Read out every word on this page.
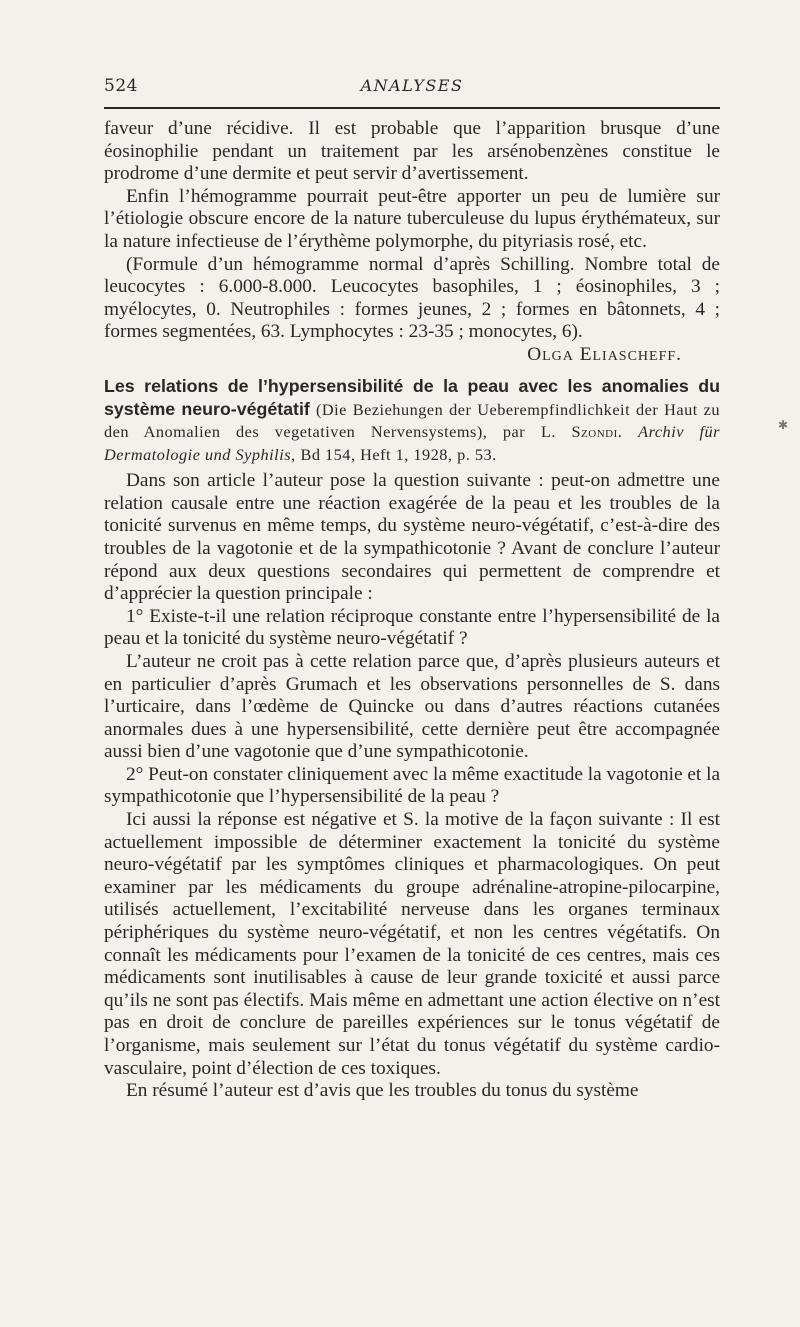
524	ANALYSES

faveur d’une récidive. Il est probable que l’apparition brusque d’une éosinophilie pendant un traitement par les arsénobenzènes constitue le prodrome d’une dermite et peut servir d’avertissement.

Enfin l’hémogramme pourrait peut-être apporter un peu de lumière sur l’étiologie obscure encore de la nature tuberculeuse du lupus érythémateux, sur la nature infectieuse de l’érythème polymorphe, du pityriasis rosé, etc.

(Formule d’un hémogramme normal d’après Schilling. Nombre total de leucocytes : 6.000-8.000. Leucocytes basophiles, 1 ; éosinophiles, 3 ; myélocytes, 0. Neutrophiles : formes jeunes, 2 ; formes en bâtonnets, 4 ; formes segmentées, 63. Lymphocytes : 23-35 ; monocytes, 6).

Olga Eliascheff.

Les relations de l’hypersensibilité de la peau avec les anomalies du système neuro-végétatif (Die Beziehungen der Ueberempfindlichkeit der Haut zu den Anomalien des vegetativen Nervensystems), par L. Szondi. Archiv für Dermatologie und Syphilis, Bd 154, Heft 1, 1928, p. 53.

Dans son article l’auteur pose la question suivante : peut-on admettre une relation causale entre une réaction exagérée de la peau et les troubles de la tonicité survenus en même temps, du système neuro-végétatif, c’est-à-dire des troubles de la vagotonie et de la sympathicotonie ? Avant de conclure l’auteur répond aux deux questions secondaires qui permettent de comprendre et d’apprécier la question principale :

1° Existe-t-il une relation réciproque constante entre l’hypersensibilité de la peau et la tonicité du système neuro-végétatif ?

L’auteur ne croit pas à cette relation parce que, d’après plusieurs auteurs et en particulier d’après Grumach et les observations personnelles de S. dans l’urticaire, dans l’œdème de Quincke ou dans d’autres réactions cutanées anormales dues à une hypersensibilité, cette dernière peut être accompagnée aussi bien d’une vagotonie que d’une sympathicotonie.

2° Peut-on constater cliniquement avec la même exactitude la vagotonie et la sympathicotonie que l’hypersensibilité de la peau ?

Ici aussi la réponse est négative et S. la motive de la façon suivante : Il est actuellement impossible de déterminer exactement la tonicité du système neuro-végétatif par les symptômes cliniques et pharmacologiques. On peut examiner par les médicaments du groupe adrénaline-atropine-pilocarpine, utilisés actuellement, l’excitabilité nerveuse dans les organes terminaux périphériques du système neuro-végétatif, et non les centres végétatifs. On connaît les médicaments pour l’examen de la tonicité de ces centres, mais ces médicaments sont inutilisables à cause de leur grande toxicité et aussi parce qu’ils ne sont pas électifs. Mais même en admettant une action élective on n’est pas en droit de conclure de pareilles expériences sur le tonus végétatif de l’organisme, mais seulement sur l’état du tonus végétatif du système cardio-vasculaire, point d’élection de ces toxiques.

En résumé l’auteur est d’avis que les troubles du tonus du système

✱
